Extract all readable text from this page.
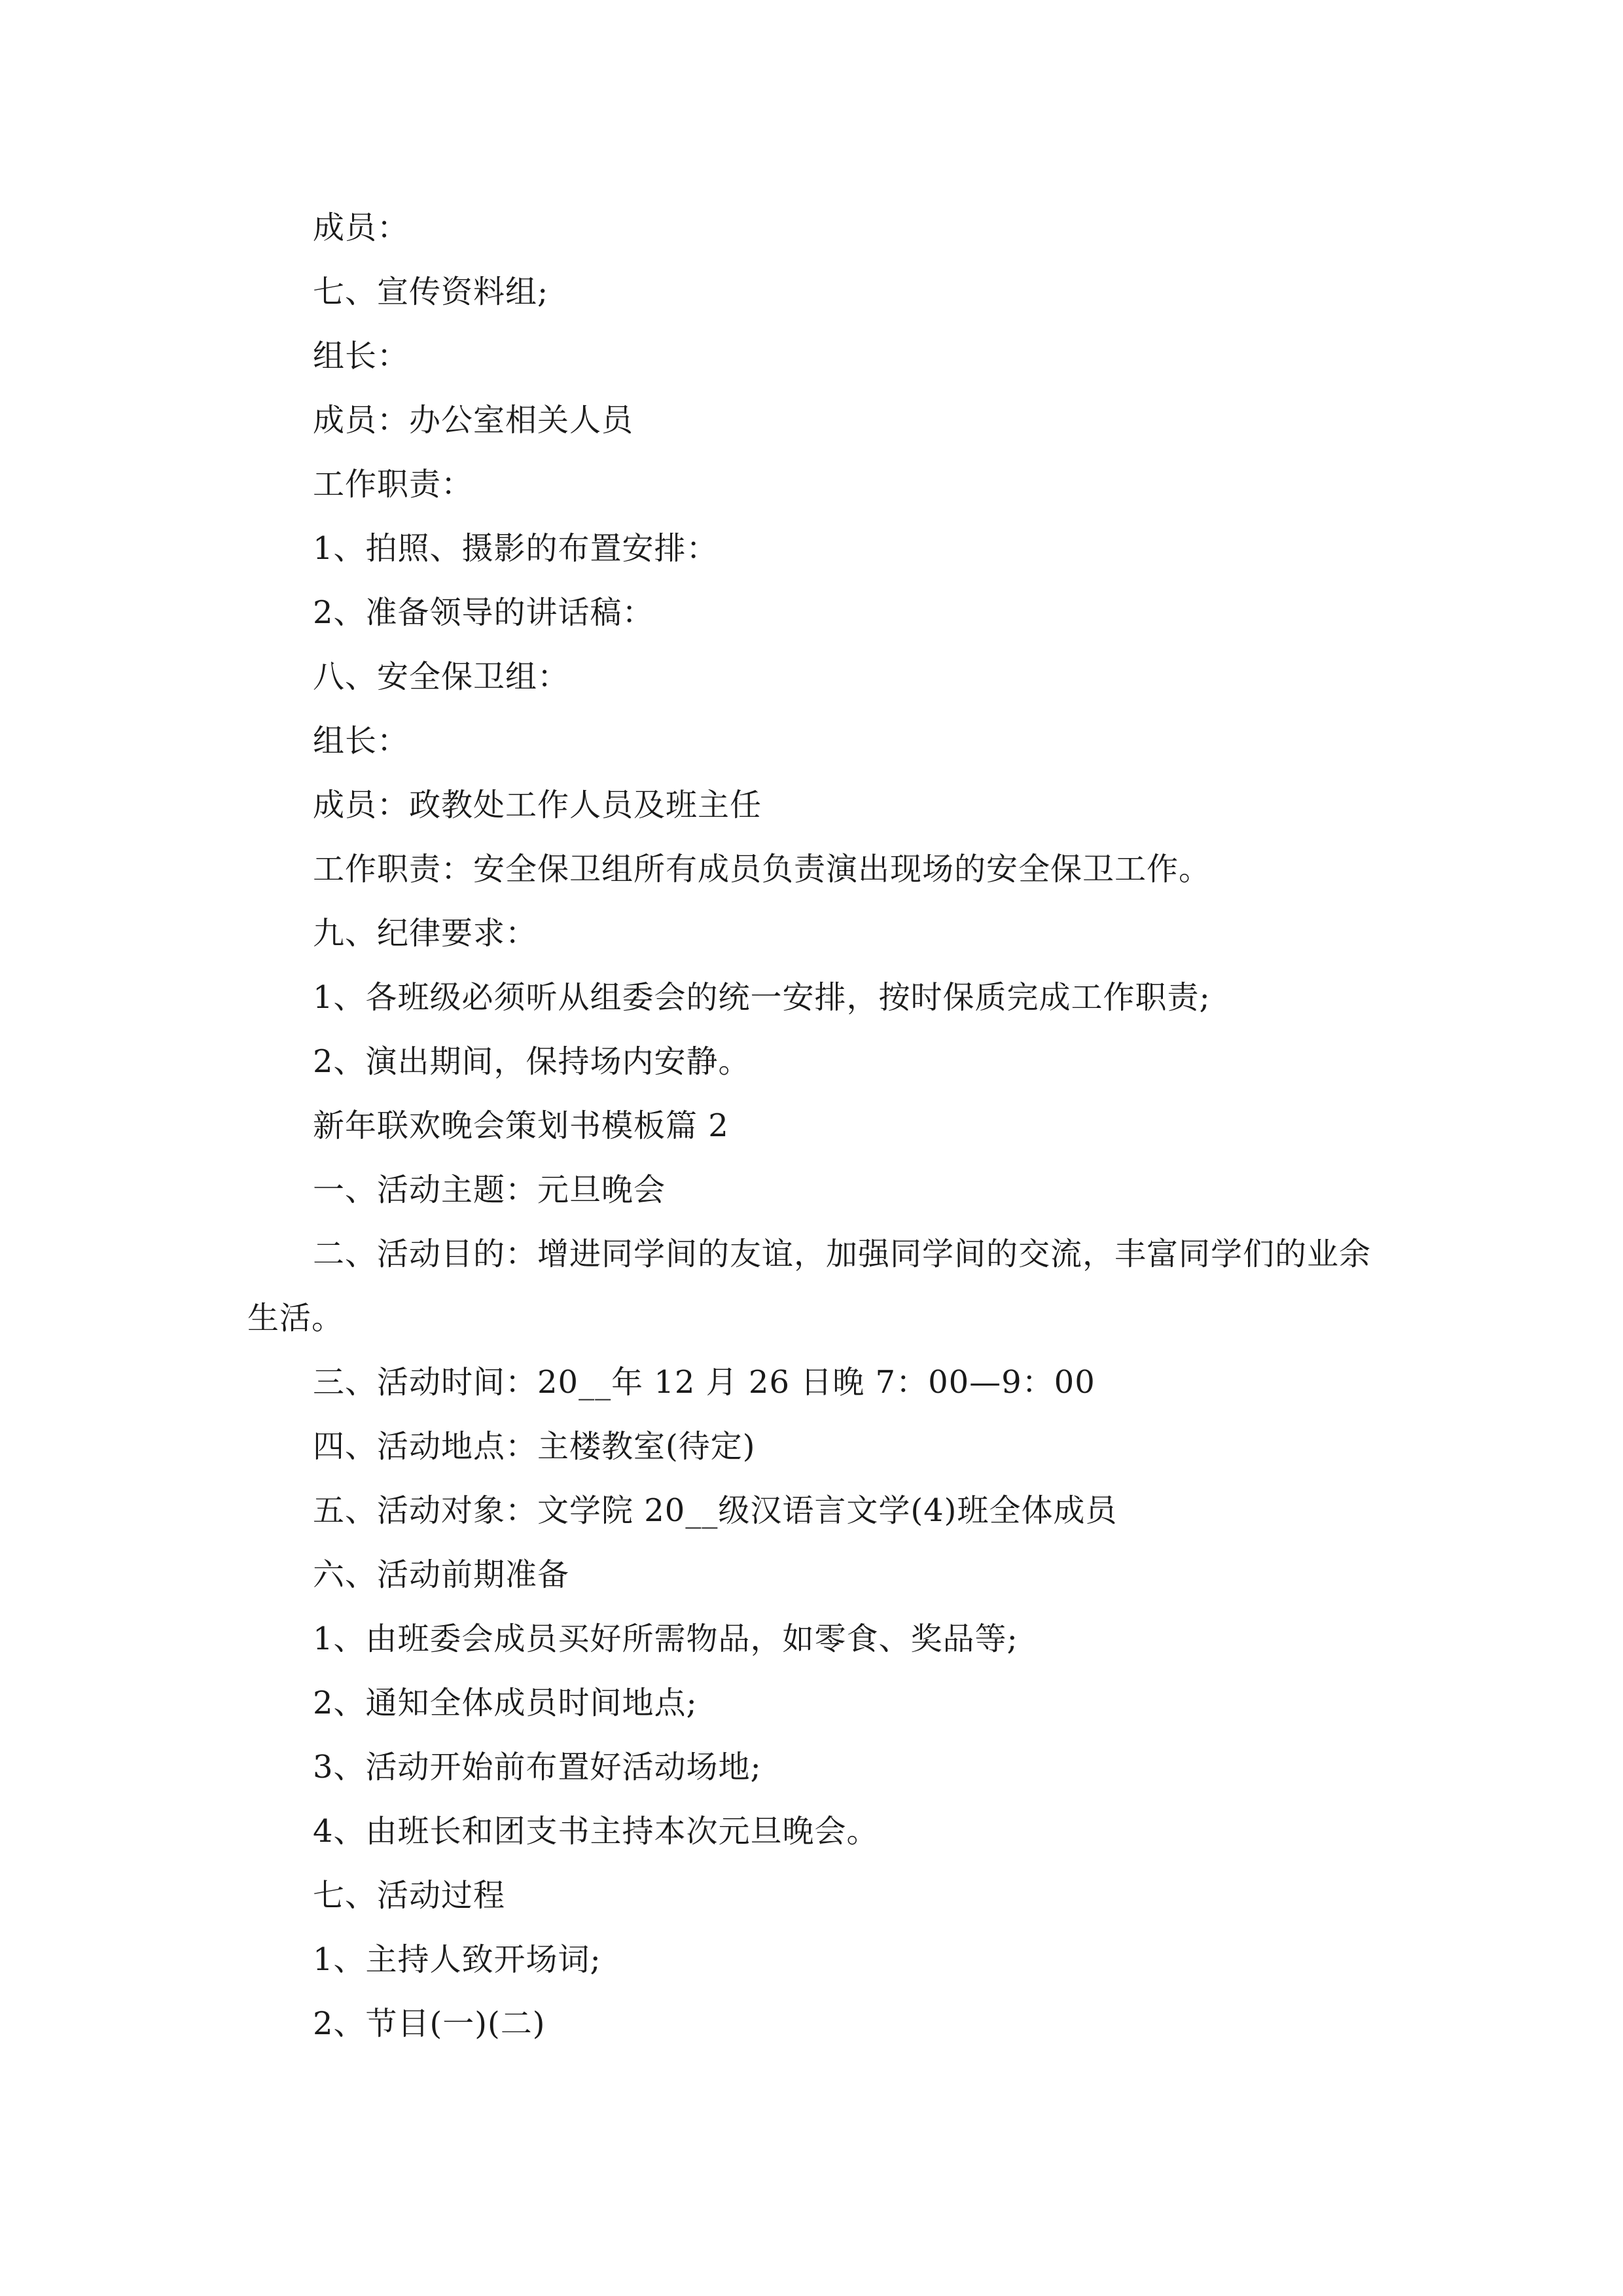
成员：
七、宣传资料组;
组长：
成员：办公室相关人员
工作职责：
1、拍照、摄影的布置安排：
2、准备领导的讲话稿：
八、安全保卫组：
组长：
成员：政教处工作人员及班主任
工作职责：安全保卫组所有成员负责演出现场的安全保卫工作。
九、纪律要求：
1、各班级必须听从组委会的统一安排，按时保质完成工作职责;
2、演出期间，保持场内安静。
新年联欢晚会策划书模板篇 2
一、活动主题：元旦晚会
二、活动目的：增进同学间的友谊，加强同学间的交流，丰富同学们的业余生活。
三、活动时间：20__年 12 月 26 日晚 7：00—9：00
四、活动地点：主楼教室(待定)
五、活动对象：文学院 20__级汉语言文学(4)班全体成员
六、活动前期准备
1、由班委会成员买好所需物品，如零食、奖品等;
2、通知全体成员时间地点;
3、活动开始前布置好活动场地;
4、由班长和团支书主持本次元旦晚会。
七、活动过程
1、主持人致开场词;
2、节目(一)(二)
